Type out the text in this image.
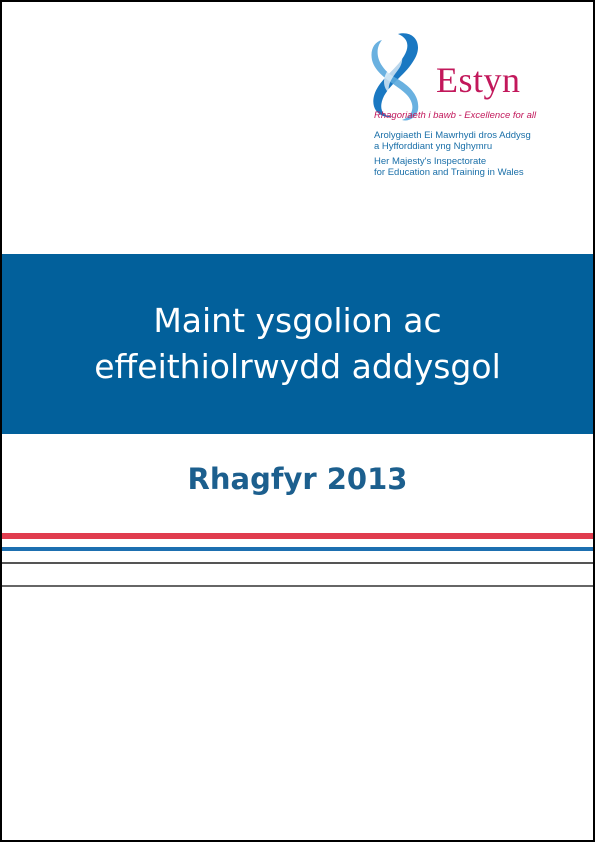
Estyn
Rhagoriaeth i bawb - Excellence for all
Arolygiaeth Ei Mawrhydi dros Addysg
a Hyfforddiant yng Nghymru
Her Majesty's Inspectorate
for Education and Training in Wales
Maint ysgolion ac
effeithiolrwydd addysgol
Rhagfyr 2013
